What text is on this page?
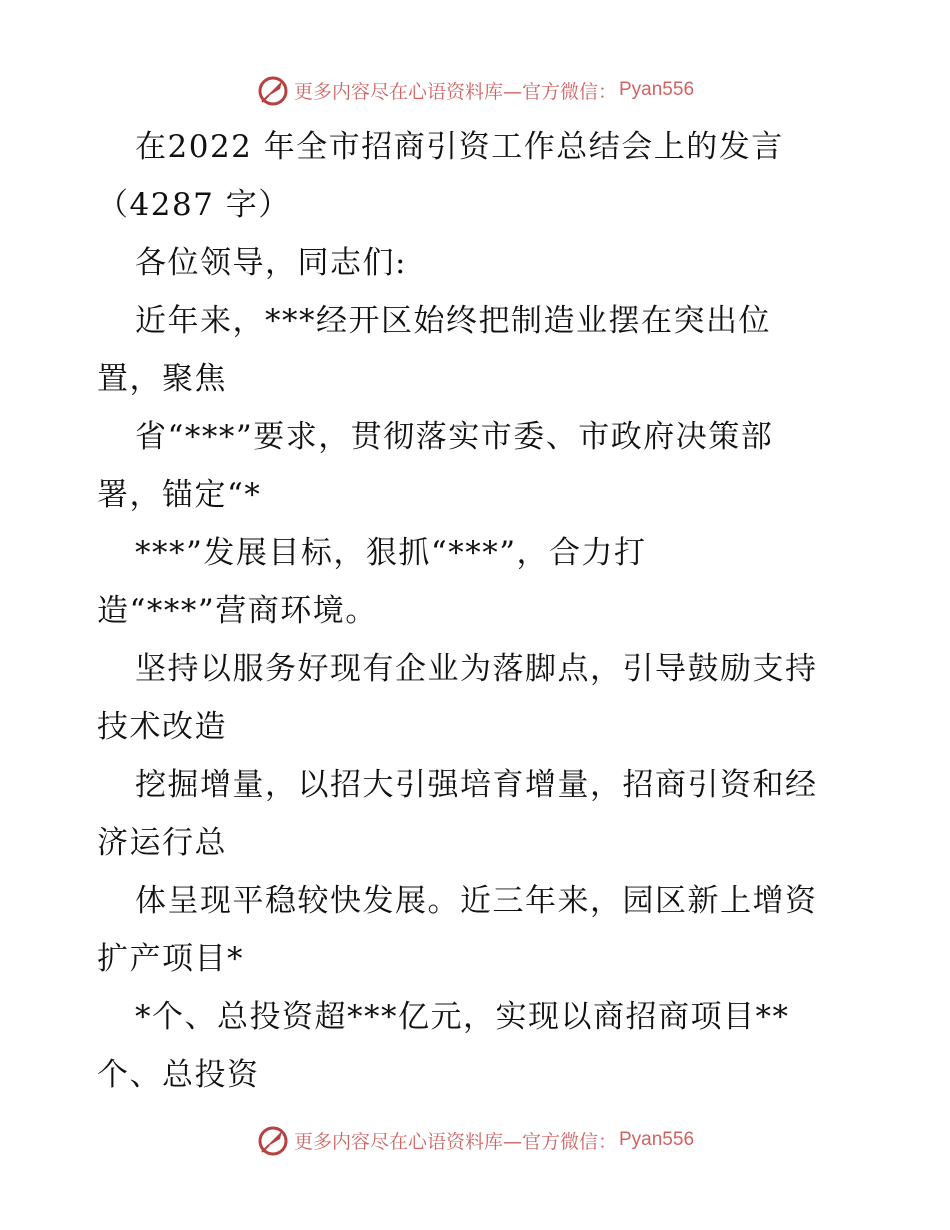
更多内容尽在心语资料库—官方微信： Pyan556
在2022 年全市招商引资工作总结会上的发言
（4287 字）
各位领导，同志们:
近年来，***经开区始终把制造业摆在突出位
置，聚焦
省“***”要求，贯彻落实市委、市政府决策部
署，锚定“*
***”发展目标，狠抓“***”，合力打
造“***”营商环境。
坚持以服务好现有企业为落脚点，引导鼓励支持
技术改造
挖掘增量，以招大引强培育增量，招商引资和经
济运行总
体呈现平稳较快发展。近三年来，园区新上增资
扩产项目*
*个、总投资超***亿元，实现以商招商项目**
个、总投资
更多内容尽在心语资料库—官方微信： Pyan556
